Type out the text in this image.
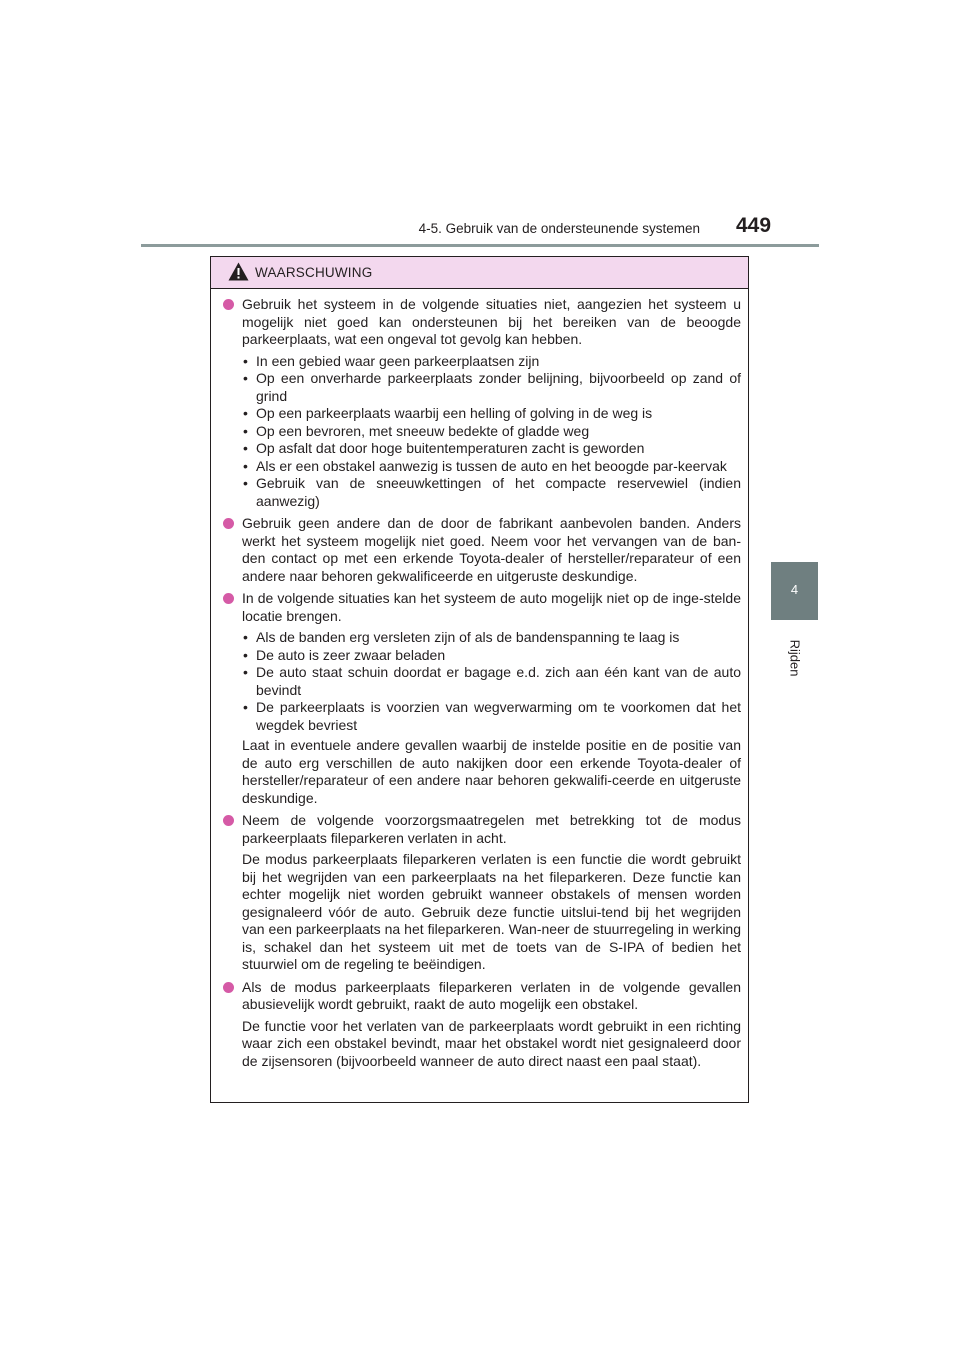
4-5. Gebruik van de ondersteunende systemen 449
4
Rijden
WAARSCHUWING

Gebruik het systeem in de volgende situaties niet, aangezien het systeem u mogelijk niet goed kan ondersteunen bij het bereiken van de beoogde parkeerplaats, wat een ongeval tot gevolg kan hebben.

• In een gebied waar geen parkeerplaatsen zijn
• Op een onverharde parkeerplaats zonder belijning, bijvoorbeeld op zand of grind
• Op een parkeerplaats waarbij een helling of golving in de weg is
• Op een bevroren, met sneeuw bedekte of gladde weg
• Op asfalt dat door hoge buitentemperaturen zacht is geworden
• Als er een obstakel aanwezig is tussen de auto en het beoogde par-keervak
• Gebruik van de sneeuwkettingen of het compacte reservewiel (indien aanwezig)

Gebruik geen andere dan de door de fabrikant aanbevolen banden. Anders werkt het systeem mogelijk niet goed. Neem voor het vervangen van de ban-den contact op met een erkende Toyota-dealer of hersteller/reparateur of een andere naar behoren gekwalificeerde en uitgeruste deskundige.

In de volgende situaties kan het systeem de auto mogelijk niet op de inge-stelde locatie brengen.

• Als de banden erg versleten zijn of als de bandenspanning te laag is
• De auto is zeer zwaar beladen
• De auto staat schuin doordat er bagage e.d. zich aan één kant van de auto bevindt
• De parkeerplaats is voorzien van wegverwarming om te voorkomen dat het wegdek bevriest

Laat in eventuele andere gevallen waarbij de instelde positie en de positie van de auto erg verschillen de auto nakijken door een erkende Toyota-dealer of hersteller/reparateur of een andere naar behoren gekwalifi-ceerde en uitgeruste deskundige.

Neem de volgende voorzorgsmaatregelen met betrekking tot de modus parkeerplaats fileparkeren verlaten in acht.

De modus parkeerplaats fileparkeren verlaten is een functie die wordt gebruikt bij het wegrijden van een parkeerplaats na het fileparkeren. Deze functie kan echter mogelijk niet worden gebruikt wanneer obstakels of mensen worden gesignaleerd vóór de auto. Gebruik deze functie uitslui-tend bij het wegrijden van een parkeerplaats na het fileparkeren. Wan-neer de stuurregeling in werking is, schakel dan het systeem uit met de toets van de S-IPA of bedien het stuurwiel om de regeling te beëindigen.

Als de modus parkeerplaats fileparkeren verlaten in de volgende gevallen abusievelijk wordt gebruikt, raakt de auto mogelijk een obstakel.

De functie voor het verlaten van de parkeerplaats wordt gebruikt in een richting waar zich een obstakel bevindt, maar het obstakel wordt niet gesignaleerd door de zijsensoren (bijvoorbeeld wanneer de auto direct naast een paal staat).
